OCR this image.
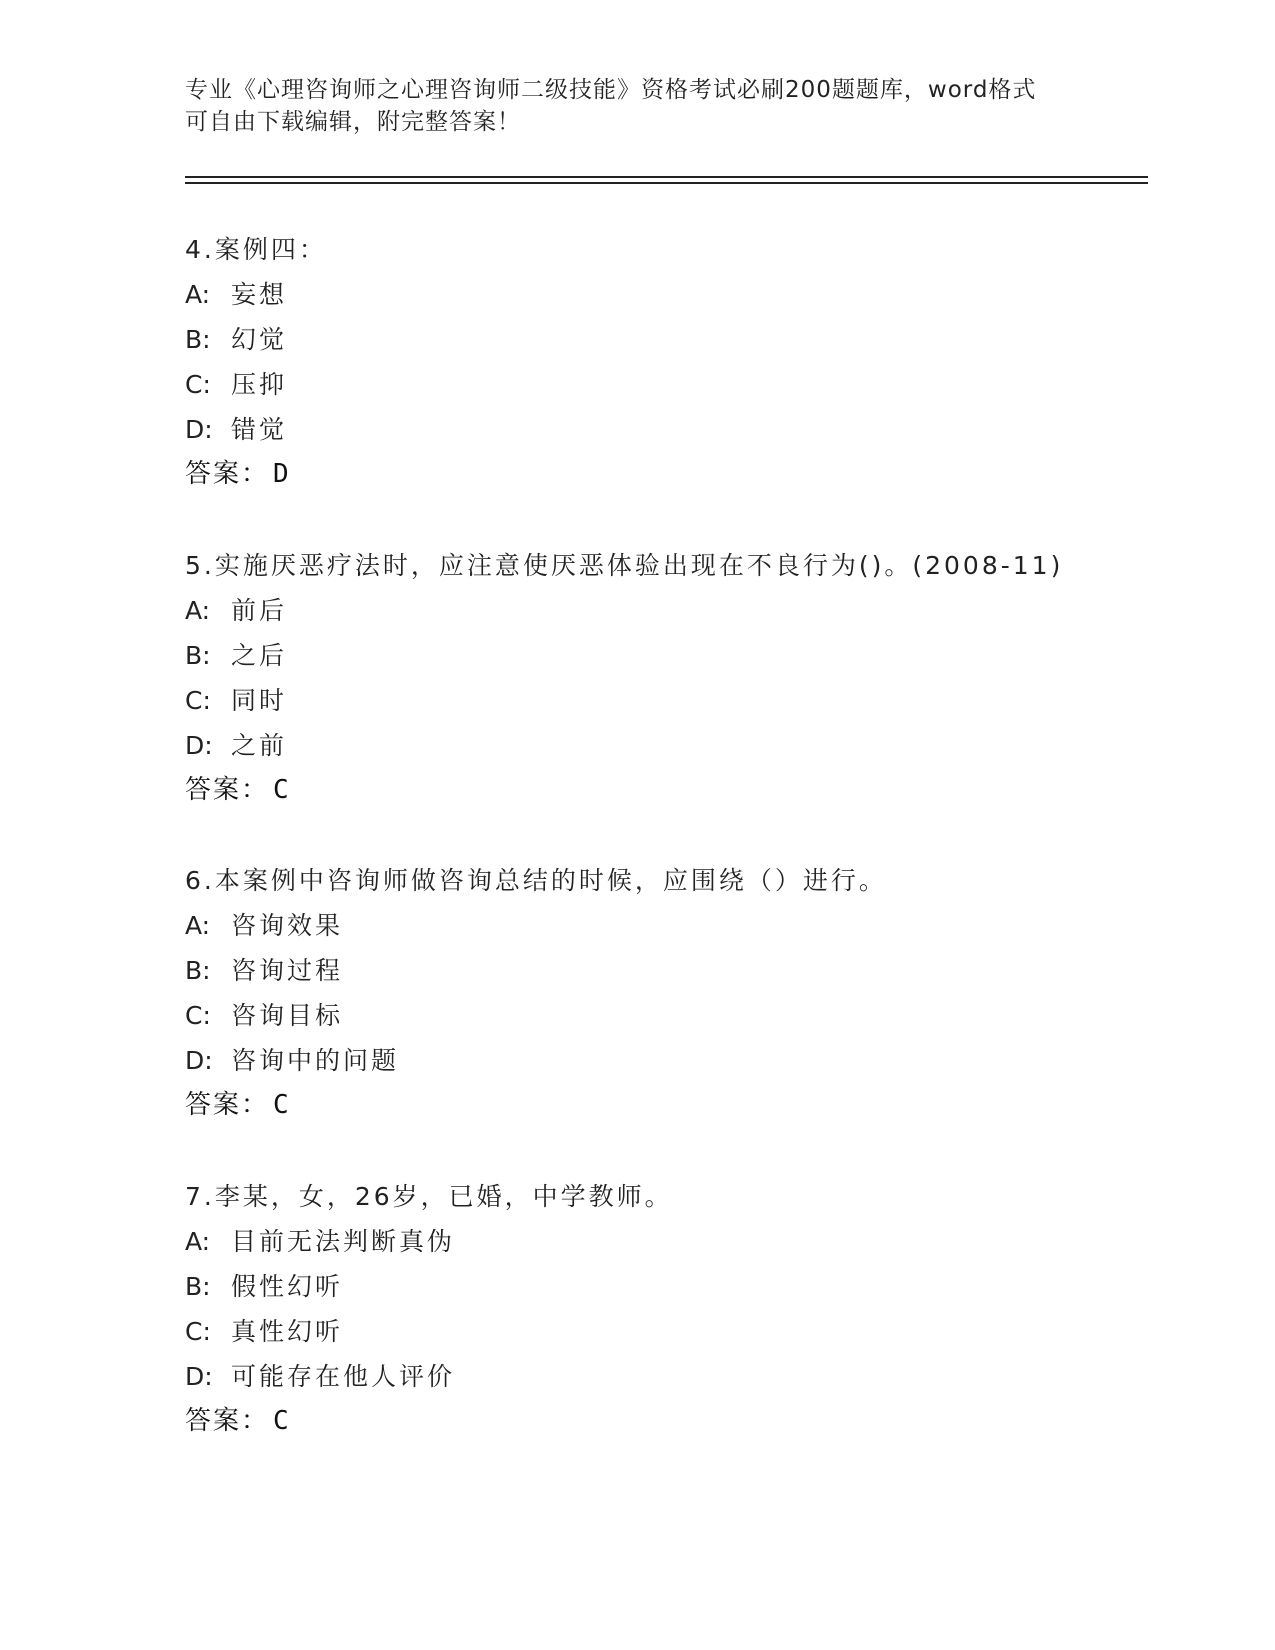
专业《心理咨询师之心理咨询师二级技能》资格考试必刷200题题库，word格式
可自由下载编辑，附完整答案！
4.案例四：
A: 妄想
B: 幻觉
C: 压抑
D: 错觉
答案： D
5.实施厌恶疗法时，应注意使厌恶体验出现在不良行为()。(2008-11)
A: 前后
B: 之后
C: 同时
D: 之前
答案： C
6.本案例中咨询师做咨询总结的时候，应围绕（）进行。
A: 咨询效果
B: 咨询过程
C: 咨询目标
D: 咨询中的问题
答案： C
7.李某，女，26岁，已婚，中学教师。
A: 目前无法判断真伪
B: 假性幻听
C: 真性幻听
D: 可能存在他人评价
答案： C
